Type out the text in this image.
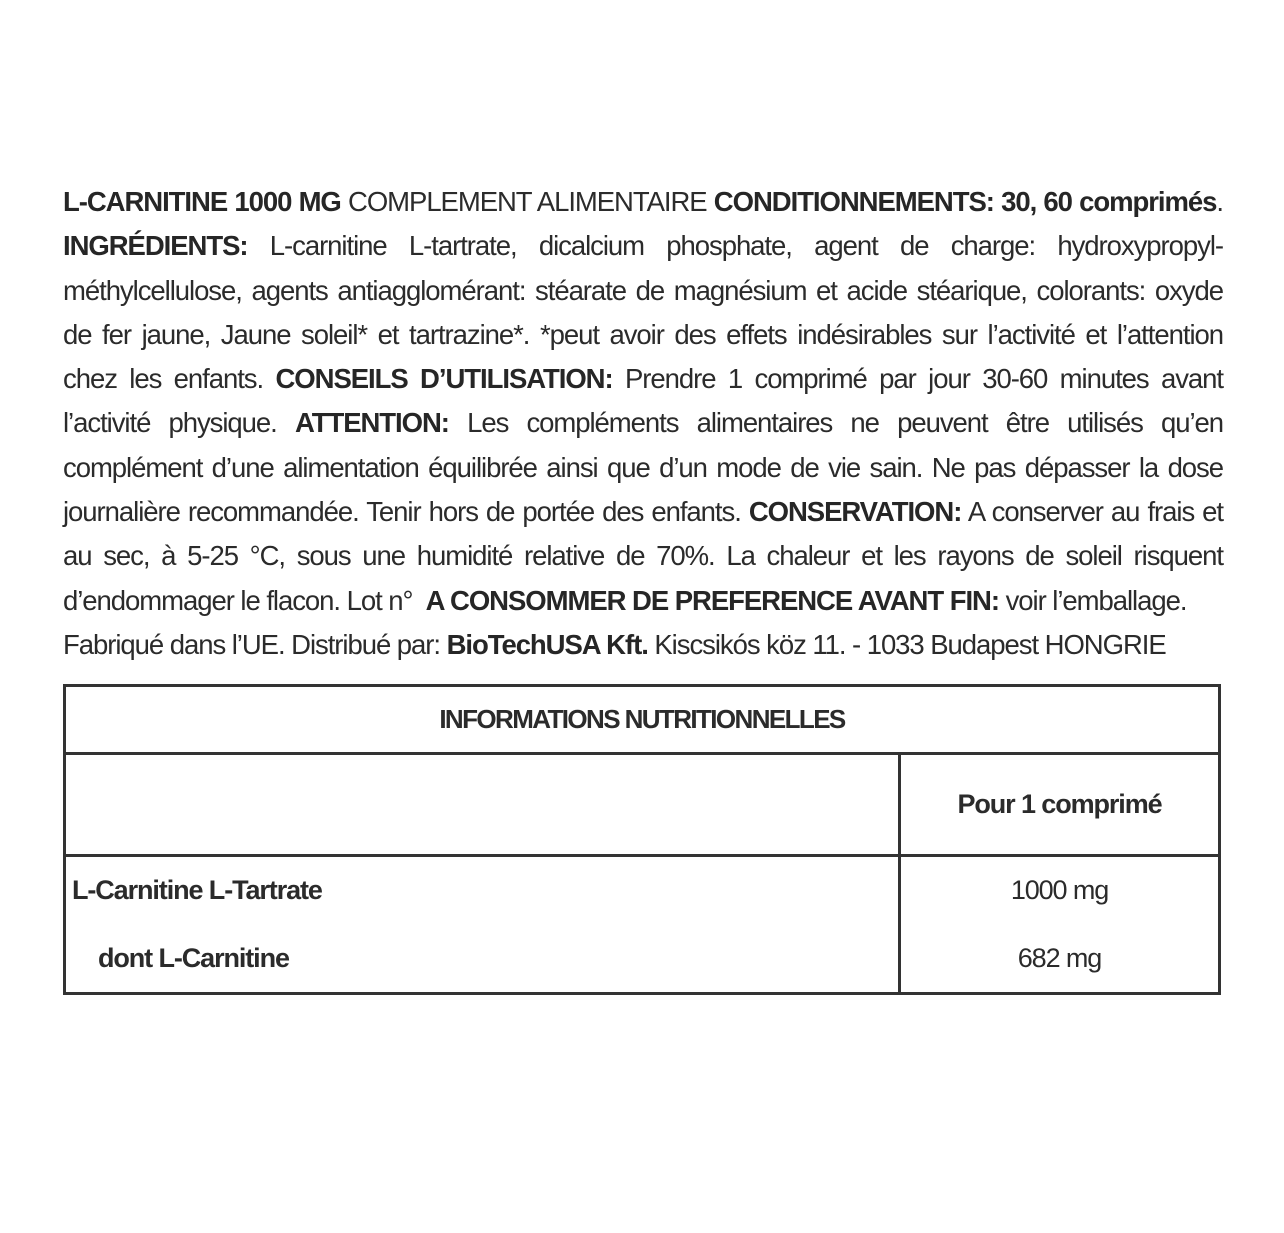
L-CARNITINE 1000 MG COMPLEMENT ALIMENTAIRE CONDITIONNEMENTS: 30, 60 comprimés. INGRÉDIENTS: L-carnitine L-tartrate, dicalcium phosphate, agent de charge: hydroxypropyl-méthylcellulose, agents antiagglomérant: stéarate de magnésium et acide stéarique, colorants: oxyde de fer jaune, Jaune soleil* et tartrazine*. *peut avoir des effets indésirables sur l’activité et l’attention chez les enfants. CONSEILS D’UTILISATION: Prendre 1 comprimé par jour 30-60 minutes avant l’activité physique. ATTENTION: Les compléments alimentaires ne peuvent être utilisés qu’en complément d’une alimentation équilibrée ainsi que d’un mode de vie sain. Ne pas dépasser la dose journalière recommandée. Tenir hors de portée des enfants. CONSERVATION: A conserver au frais et au sec, à 5-25 °C, sous une humidité relative de 70%. La chaleur et les rayons de soleil risquent d’endommager le flacon. Lot n° A CONSOMMER DE PREFERENCE AVANT FIN: voir l’emballage.
Fabriqué dans l’UE. Distribué par: BioTechUSA Kft. Kiscsikós köz 11. - 1033 Budapest HONGRIE

INFORMATIONS NUTRITIONNELLES
Pour 1 comprimé
L-Carnitine L-Tartrate	1000 mg
dont L-Carnitine	682 mg
